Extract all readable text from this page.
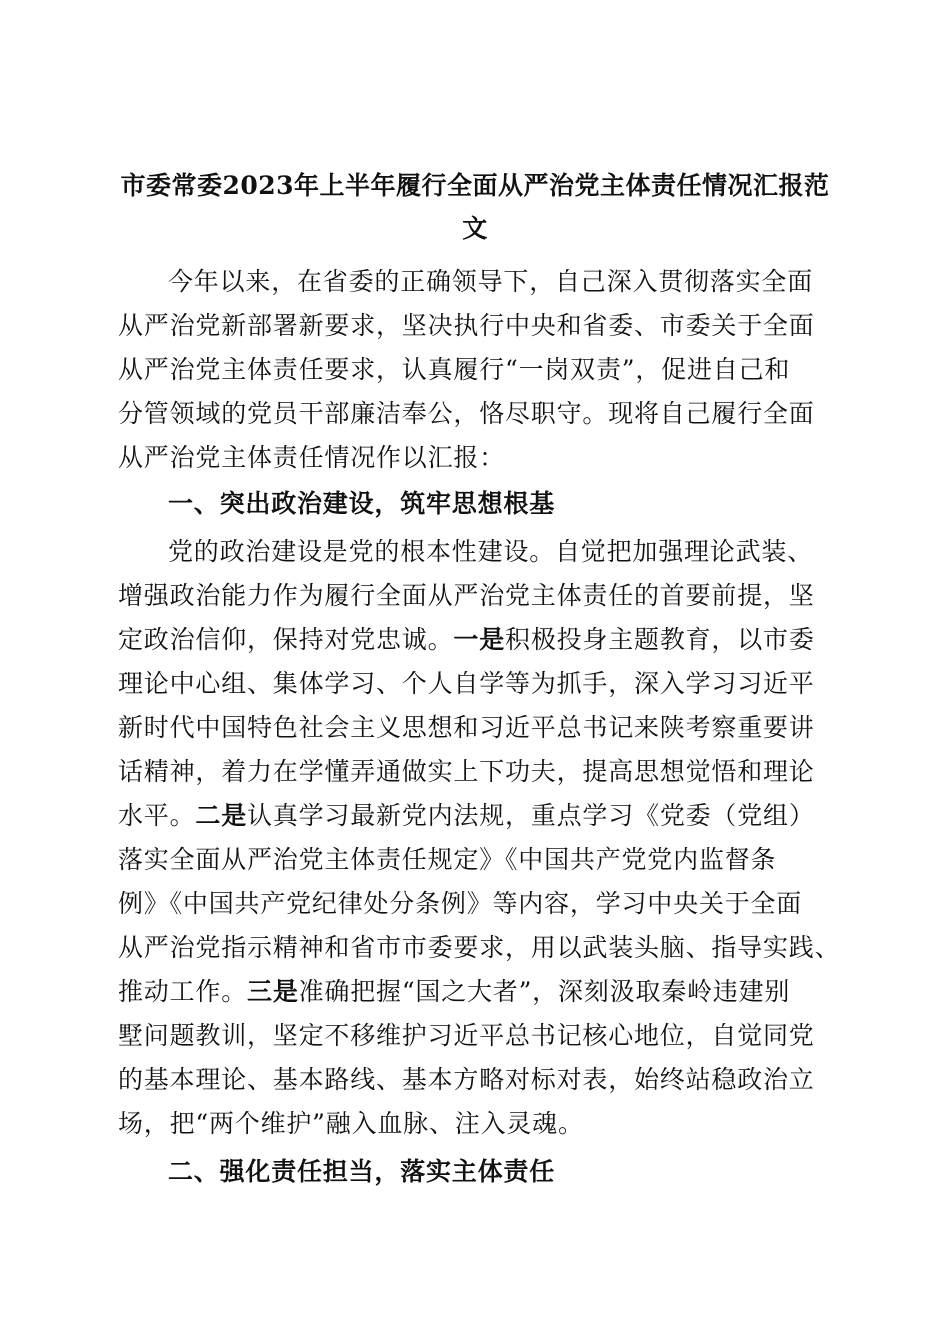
市委常委2023年上半年履行全面从严治党主体责任情况汇报范
文
今年以来，在省委的正确领导下，自己深入贯彻落实全面
从严治党新部署新要求，坚决执行中央和省委、市委关于全面
从严治党主体责任要求，认真履行“一岗双责”，促进自己和
分管领域的党员干部廉洁奉公，恪尽职守。现将自己履行全面
从严治党主体责任情况作以汇报：
一、突出政治建设，筑牢思想根基
党的政治建设是党的根本性建设。自觉把加强理论武装、
增强政治能力作为履行全面从严治党主体责任的首要前提，坚
定政治信仰，保持对党忠诚。一是积极投身主题教育，以市委
理论中心组、集体学习、个人自学等为抓手，深入学习习近平
新时代中国特色社会主义思想和习近平总书记来陕考察重要讲
话精神，着力在学懂弄通做实上下功夫，提高思想觉悟和理论
水平。二是认真学习最新党内法规，重点学习《党委（党组）
落实全面从严治党主体责任规定》《中国共产党党内监督条
例》《中国共产党纪律处分条例》等内容，学习中央关于全面
从严治党指示精神和省市市委要求，用以武装头脑、指导实践、
推动工作。三是准确把握“国之大者”，深刻汲取秦岭违建别
墅问题教训，坚定不移维护习近平总书记核心地位，自觉同党
的基本理论、基本路线、基本方略对标对表，始终站稳政治立
场，把“两个维护”融入血脉、注入灵魂。
二、强化责任担当，落实主体责任
